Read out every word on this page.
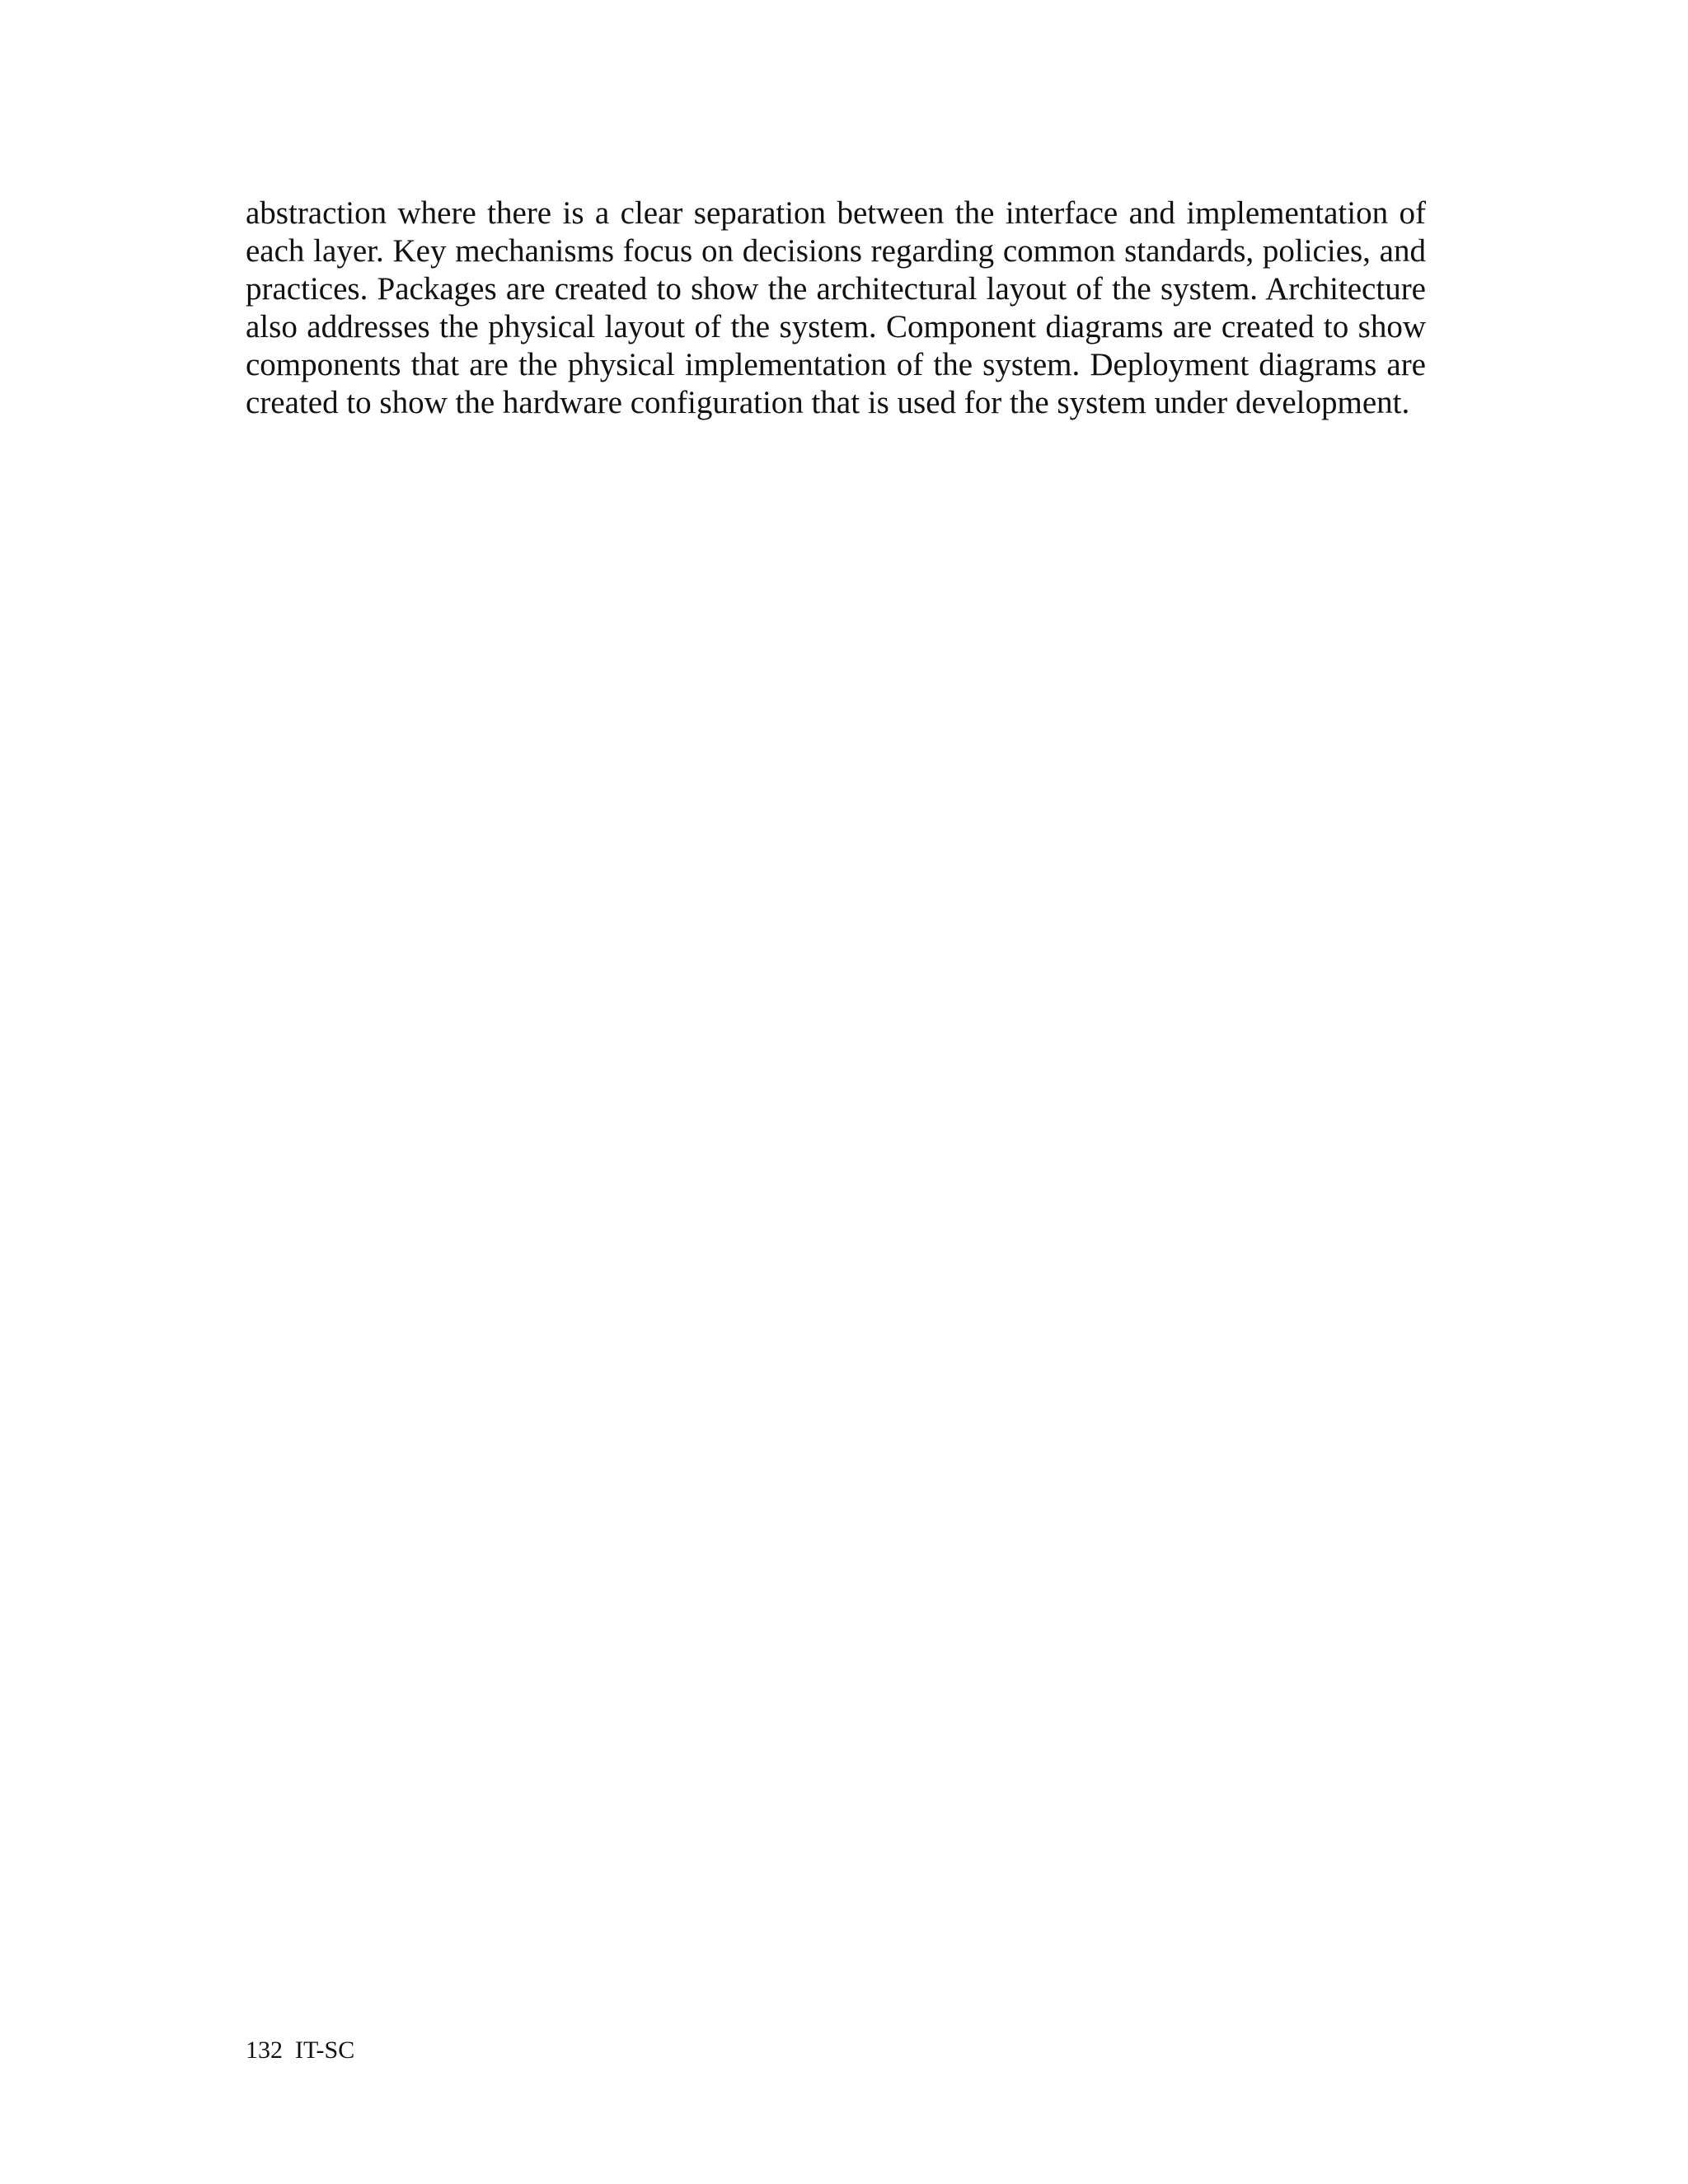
abstraction where there is a clear separation between the interface and implementation of each layer. Key mechanisms focus on decisions regarding common standards, policies, and practices. Packages are created to show the architectural layout of the system. Architecture also addresses the physical layout of the system. Component diagrams are created to show components that are the physical implementation of the system. Deployment diagrams are created to show the hardware configuration that is used for the system under development.

132 IT-SC
